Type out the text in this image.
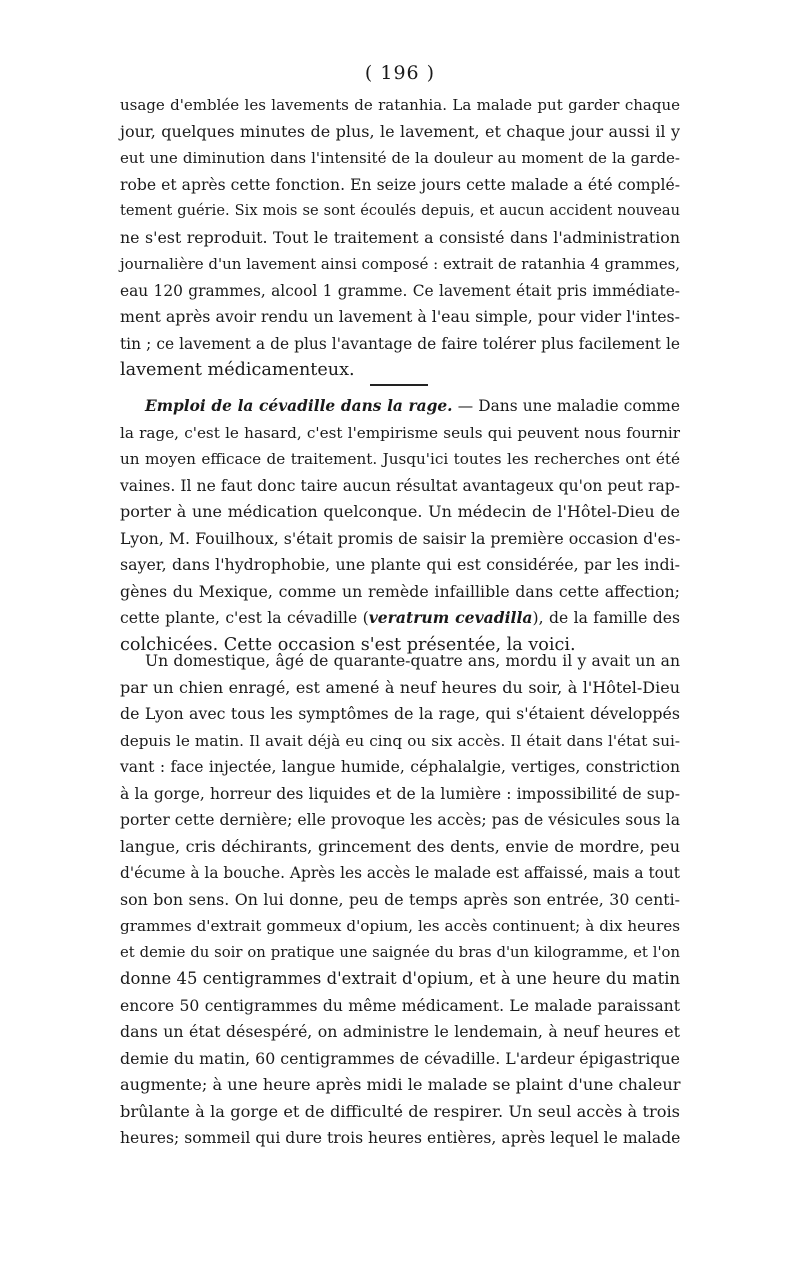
( 196 )
usage d'emblée les lavements de ratanhia. La malade put garder chaque
jour, quelques minutes de plus, le lavement, et chaque jour aussi il y
eut une diminution dans l'intensité de la douleur au moment de la garde-
robe et après cette fonction. En seize jours cette malade a été complé-
tement guérie. Six mois se sont écoulés depuis, et aucun accident nouveau
ne s'est reproduit. Tout le traitement a consisté dans l'administration
journalière d'un lavement ainsi composé : extrait de ratanhia 4 grammes,
eau 120 grammes, alcool 1 gramme. Ce lavement était pris immédiate-
ment après avoir rendu un lavement à l'eau simple, pour vider l'intes-
tin ; ce lavement a de plus l'avantage de faire tolérer plus facilement le
lavement médicamenteux.
Emploi de la cévadille dans la rage. — Dans une maladie comme
la rage, c'est le hasard, c'est l'empirisme seuls qui peuvent nous fournir
un moyen efficace de traitement. Jusqu'ici toutes les recherches ont été
vaines. Il ne faut donc taire aucun résultat avantageux qu'on peut rap-
porter à une médication quelconque. Un médecin de l'Hôtel-Dieu de
Lyon, M. Fouilhoux, s'était promis de saisir la première occasion d'es-
sayer, dans l'hydrophobie, une plante qui est considérée, par les indi-
gènes du Mexique, comme un remède infaillible dans cette affection;
cette plante, c'est la cévadille (veratrum cevadilla), de la famille des
colchicées. Cette occasion s'est présentée, la voici.
Un domestique, âgé de quarante-quatre ans, mordu il y avait un an
par un chien enragé, est amené à neuf heures du soir, à l'Hôtel-Dieu
de Lyon avec tous les symptômes de la rage, qui s'étaient développés
depuis le matin. Il avait déjà eu cinq ou six accès. Il était dans l'état sui-
vant : face injectée, langue humide, céphalalgie, vertiges, constriction
à la gorge, horreur des liquides et de la lumière : impossibilité de sup-
porter cette dernière; elle provoque les accès; pas de vésicules sous la
langue, cris déchirants, grincement des dents, envie de mordre, peu
d'écume à la bouche. Après les accès le malade est affaissé, mais a tout
son bon sens. On lui donne, peu de temps après son entrée, 30 centi-
grammes d'extrait gommeux d'opium, les accès continuent; à dix heures
et demie du soir on pratique une saignée du bras d'un kilogramme, et l'on
donne 45 centigrammes d'extrait d'opium, et à une heure du matin
encore 50 centigrammes du même médicament. Le malade paraissant
dans un état désespéré, on administre le lendemain, à neuf heures et
demie du matin, 60 centigrammes de cévadille. L'ardeur épigastrique
augmente; à une heure après midi le malade se plaint d'une chaleur
brûlante à la gorge et de difficulté de respirer. Un seul accès à trois
heures; sommeil qui dure trois heures entières, après lequel le malade
